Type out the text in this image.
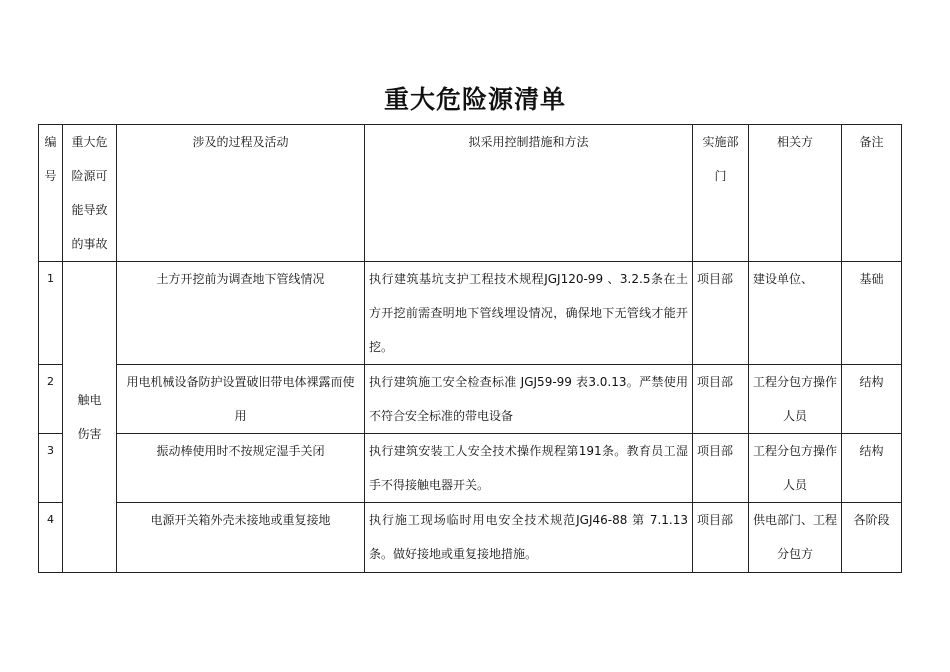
重大危险源清单
编号	重大危险源可能导致的事故	涉及的过程及活动	拟采用控制措施和方法	实施部门	相关方	备注
1	触电伤害	土方开挖前为调查地下管线情况	执行建筑基坑支护工程技术规程JGJ120-99 、3.2.5条在土方开挖前需查明地下管线埋设情况，确保地下无管线才能开挖。	项目部	建设单位、	基础
2		用电机械设备防护设置破旧带电体裸露而使用	执行建筑施工安全检查标准 JGJ59-99 表3.0.13。严禁使用不符合安全标准的带电设备	项目部	工程分包方操作人员	结构
3		振动棒使用时不按规定湿手关闭	执行建筑安装工人安全技术操作规程第191条。教育员工湿手不得接触电器开关。	项目部	工程分包方操作人员	结构
4		电源开关箱外壳未接地或重复接地	执行施工现场临时用电安全技术规范JGJ46-88 第 7.1.13 条。做好接地或重复接地措施。	项目部	供电部门、工程分包方	各阶段
